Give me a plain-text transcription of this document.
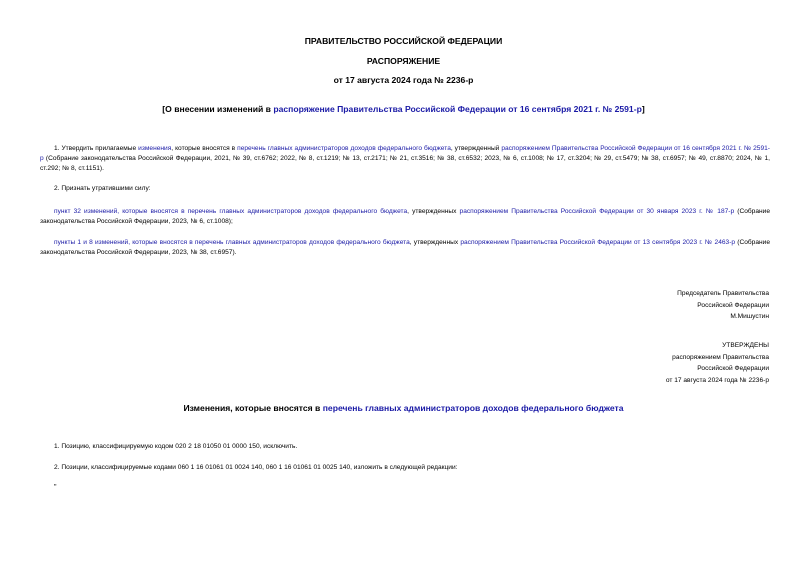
ПРАВИТЕЛЬСТВО РОССИЙСКОЙ ФЕДЕРАЦИИ
РАСПОРЯЖЕНИЕ
от 17 августа 2024 года № 2236-р
[О внесении изменений в распоряжение Правительства Российской Федерации от 16 сентября 2021 г. № 2591-р]
1. Утвердить прилагаемые изменения, которые вносятся в перечень главных администраторов доходов федерального бюджета, утвержденный распоряжением Правительства Российской Федерации от 16 сентября 2021 г. № 2591-р (Собрание законодательства Российской Федерации, 2021, № 39, ст.6762; 2022, № 8, ст.1219; № 13, ст.2171; № 21, ст.3516; № 38, ст.6532; 2023, № 6, ст.1008; № 17, ст.3204; № 29, ст.5479; № 38, ст.6957; № 49, ст.8870; 2024, № 1, ст.292; № 8, ст.1151).
2. Признать утратившими силу:
пункт 32 изменений, которые вносятся в перечень главных администраторов доходов федерального бюджета, утвержденных распоряжением Правительства Российской Федерации от 30 января 2023 г. № 187-р (Собрание законодательства Российской Федерации, 2023, № 6, ст.1008);
пункты 1 и 8 изменений, которые вносятся в перечень главных администраторов доходов федерального бюджета, утвержденных распоряжением Правительства Российской Федерации от 13 сентября 2023 г. № 2463-р (Собрание законодательства Российской Федерации, 2023, № 38, ст.6957).
Председатель Правительства
Российской Федерации
М.Мишустин
УТВЕРЖДЕНЫ
распоряжением Правительства
Российской Федерации
от 17 августа 2024 года № 2236-р
Изменения, которые вносятся в перечень главных администраторов доходов федерального бюджета
1. Позицию, классифицируемую кодом 020 2 18 01050 01 0000 150, исключить.
2. Позиции, классифицируемые кодами 060 1 16 01061 01 0024 140, 060 1 16 01061 01 0025 140, изложить в следующей редакции:
"
